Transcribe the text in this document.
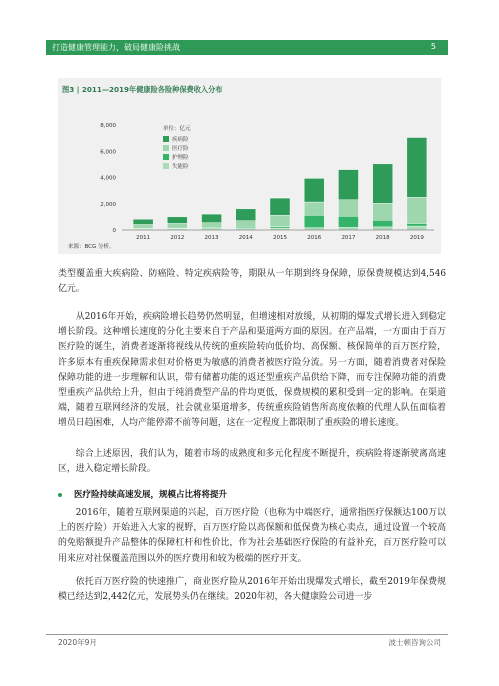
打造健康管理能力，破局健康险挑战	5
图3 | 2011—2019年健康险各险种保费收入分布
0
2,000
4,000
6,000
8,000
2011	2012	2013	2014	2015	2016	2017	2018	2019
单位：亿元
疾病险
医疗险
护理险
失能险
来源：BCG 分析。

类型覆盖重大疾病险、防癌险、特定疾病险等，期限从一年期到终身保障，原保费规模达到4,546亿元。

从2016年开始，疾病险增长趋势仍然明显，但增速相对放缓，从初期的爆发式增长进入到稳定增长阶段。这种增长速度的分化主要来自于产品和渠道两方面的原因。在产品端，一方面由于百万医疗险的诞生，消费者逐渐将视线从传统的重疾险转向低价均、高保额、核保简单的百万医疗险，许多原本有重疾保障需求但对价格更为敏感的消费者被医疗险分流。另一方面，随着消费者对保险保障功能的进一步理解和认识，带有储蓄功能的返还型重疾产品供给下降，而专注保障功能的消费型重疾产品供给上升，但由于纯消费型产品的件均更低，保费规模的累积受到一定的影响。在渠道端，随着互联网经济的发展，社会就业渠道增多，传统重疾险销售所高度依赖的代理人队伍面临着增员日趋困难，人均产能停滞不前等问题，这在一定程度上都限制了重疾险的增长速度。

综合上述原因，我们认为，随着市场的成熟度和多元化程度不断提升，疾病险将逐渐驶离高速区，进入稳定增长阶段。

医疗险持续高速发展，规模占比将将提升

2016年，随着互联网渠道的兴起，百万医疗险（也称为中端医疗，通常指医疗保额达100万以上的医疗险）开始进入大家的视野，百万医疗险以高保额和低保费为核心卖点，通过设置一个较高的免赔额提升产品整体的保障杠杆和性价比，作为社会基础医疗保险的有益补充，百万医疗险可以用来应对社保覆盖范围以外的医疗费用和较为极端的医疗开支。

依托百万医疗险的快速推广，商业医疗险从2016年开始出现爆发式增长，截至2019年保费规模已经达到2,442亿元，发展势头仍在继续。2020年初，各大健康险公司进一步

2020年9月	波士顿咨询公司
